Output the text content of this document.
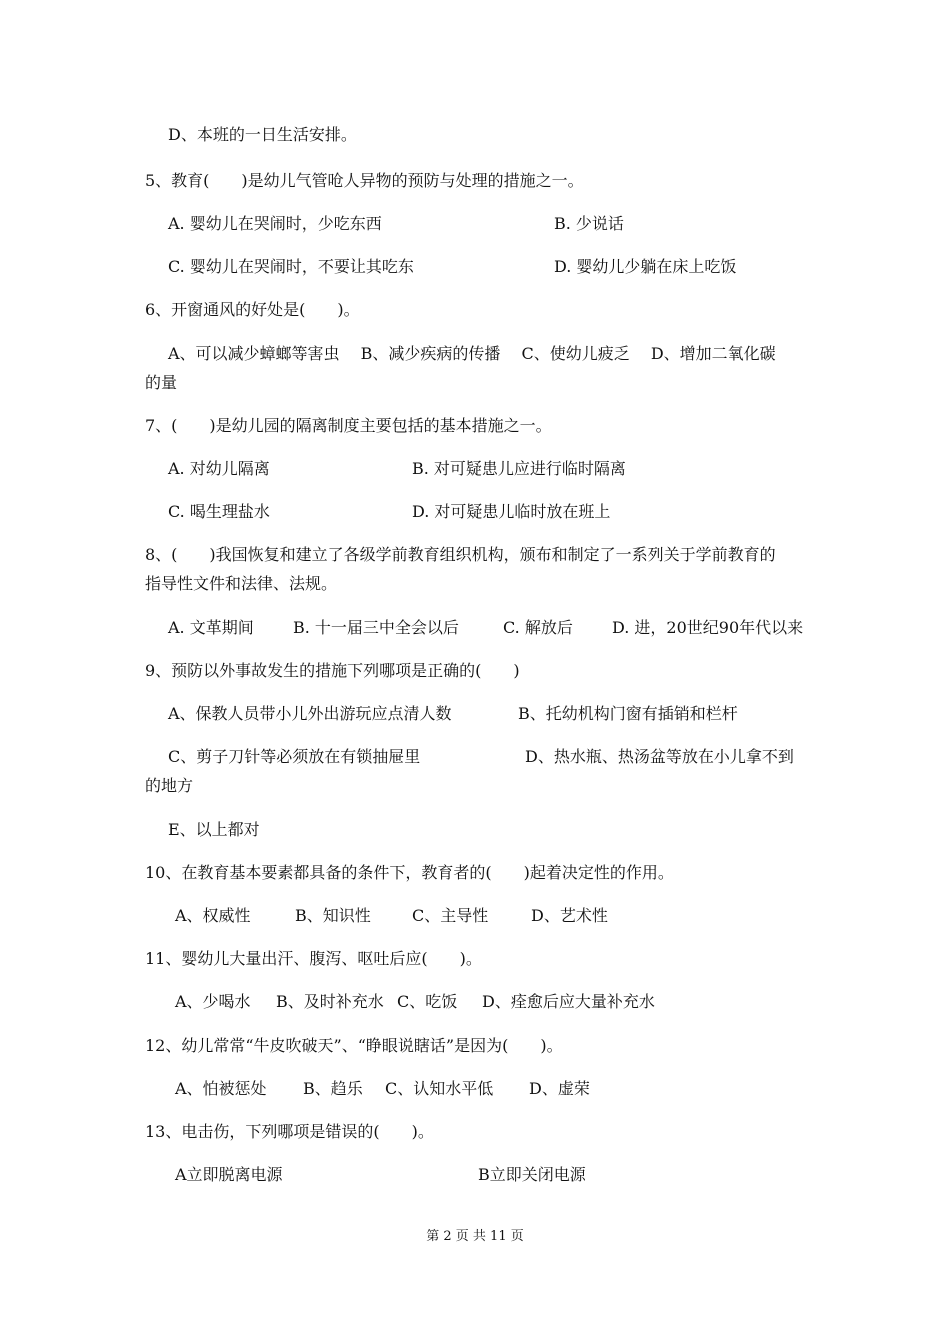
D、本班的一日生活安排。
5、教育(　　)是幼儿气管呛人异物的预防与处理的措施之一。
A. 婴幼儿在哭闹时，少吃东西	B. 少说话
C. 婴幼儿在哭闹时，不要让其吃东	D. 婴幼儿少躺在床上吃饭
6、开窗通风的好处是(　　)。
A、可以减少蟑螂等害虫　 B、减少疾病的传播　 C、使幼儿疲乏　 D、增加二氧化碳
的量
7、(　　)是幼儿园的隔离制度主要包括的基本措施之一。
A. 对幼儿隔离	B. 对可疑患儿应进行临时隔离
C. 喝生理盐水	D. 对可疑患儿临时放在班上
8、(　　)我国恢复和建立了各级学前教育组织机构，颁布和制定了一系列关于学前教育的
指导性文件和法律、法规。
A. 文革期间 B. 十一届三中全会以后	C. 解放后 D. 进，20世纪90年代以来
9、预防以外事故发生的措施下列哪项是正确的(　　)
A、保教人员带小儿外出游玩应点清人数	B、托幼机构门窗有插销和栏杆
C、剪子刀针等必须放在有锁抽屉里	D、热水瓶、热汤盆等放在小儿拿不到
的地方
E、以上都对
10、在教育基本要素都具备的条件下，教育者的(　　)起着决定性的作用。
A、权威性	B、知识性	C、主导性	D、艺术性
11、婴幼儿大量出汗、腹泻、呕吐后应(　　)。
A、少喝水 B、及时补充水 C、吃饭 D、痊愈后应大量补充水
12、幼儿常常“牛皮吹破天”、“睁眼说瞎话”是因为(　　)。
A、怕被惩处 B、趋乐 C、认知水平低 D、虚荣
13、电击伤，下列哪项是错误的(　　)。
A立即脱离电源	B立即关闭电源
第 2 页 共 11 页
